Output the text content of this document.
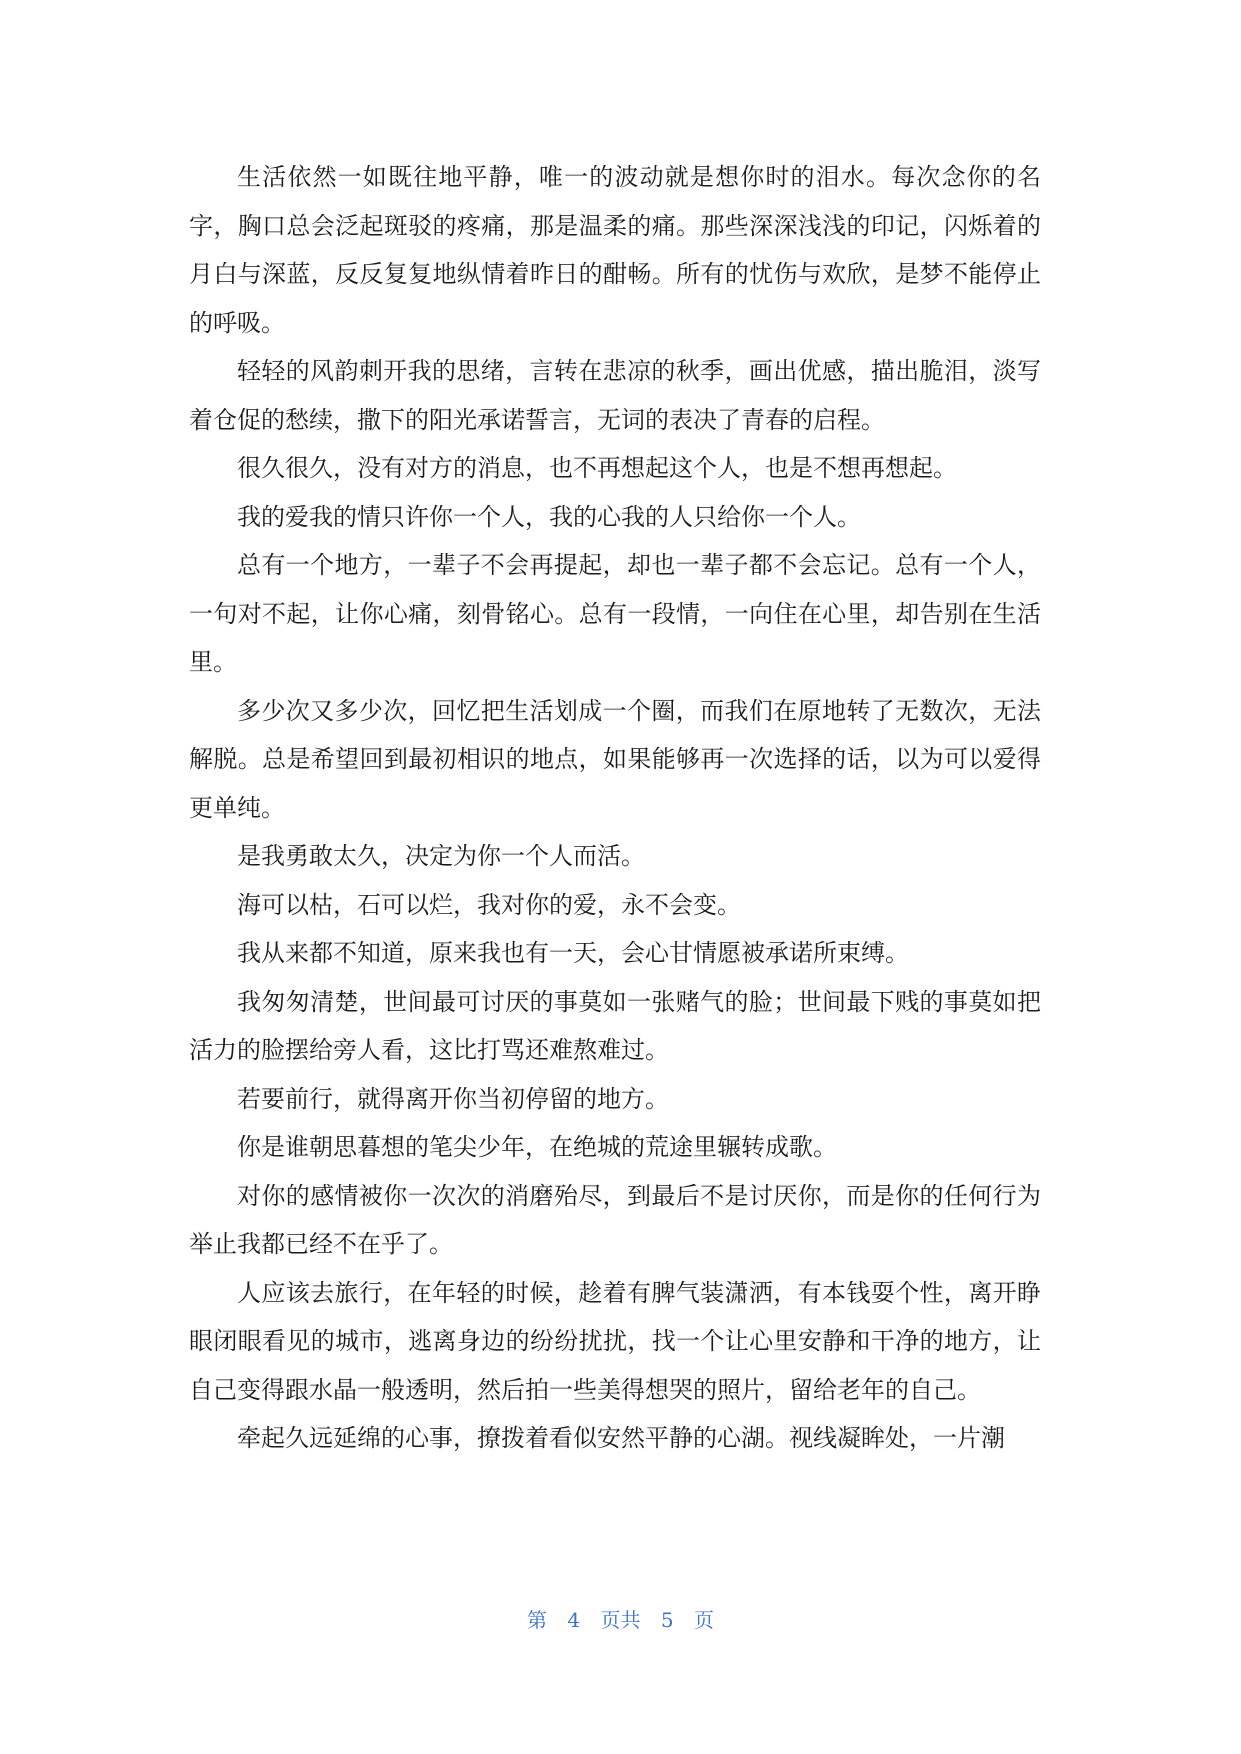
生活依然一如既往地平静，唯一的波动就是想你时的泪水。每次念你的名字，胸口总会泛起斑驳的疼痛，那是温柔的痛。那些深深浅浅的印记，闪烁着的月白与深蓝，反反复复地纵情着昨日的酣畅。所有的忧伤与欢欣，是梦不能停止的呼吸。

轻轻的风韵刺开我的思绪，言转在悲凉的秋季，画出优感，描出脆泪，淡写着仓促的愁续，撒下的阳光承诺誓言，无词的表决了青春的启程。

很久很久，没有对方的消息，也不再想起这个人，也是不想再想起。

我的爱我的情只许你一个人，我的心我的人只给你一个人。

总有一个地方，一辈子不会再提起，却也一辈子都不会忘记。总有一个人，一句对不起，让你心痛，刻骨铭心。总有一段情，一向住在心里，却告别在生活里。

多少次又多少次，回忆把生活划成一个圈，而我们在原地转了无数次，无法解脱。总是希望回到最初相识的地点，如果能够再一次选择的话，以为可以爱得更单纯。

是我勇敢太久，决定为你一个人而活。

海可以枯，石可以烂，我对你的爱，永不会变。

我从来都不知道，原来我也有一天，会心甘情愿被承诺所束缚。

我匆匆清楚，世间最可讨厌的事莫如一张赌气的脸；世间最下贱的事莫如把活力的脸摆给旁人看，这比打骂还难熬难过。

若要前行，就得离开你当初停留的地方。

你是谁朝思暮想的笔尖少年，在绝城的荒途里辗转成歌。

对你的感情被你一次次的消磨殆尽，到最后不是讨厌你，而是你的任何行为举止我都已经不在乎了。

人应该去旅行，在年轻的时候，趁着有脾气装潇洒，有本钱耍个性，离开睁眼闭眼看见的城市，逃离身边的纷纷扰扰，找一个让心里安静和干净的地方，让自己变得跟水晶一般透明，然后拍一些美得想哭的照片，留给老年的自己。

牵起久远延绵的心事，撩拨着看似安然平静的心湖。视线凝眸处，一片潮

第 4 页共 5 页
